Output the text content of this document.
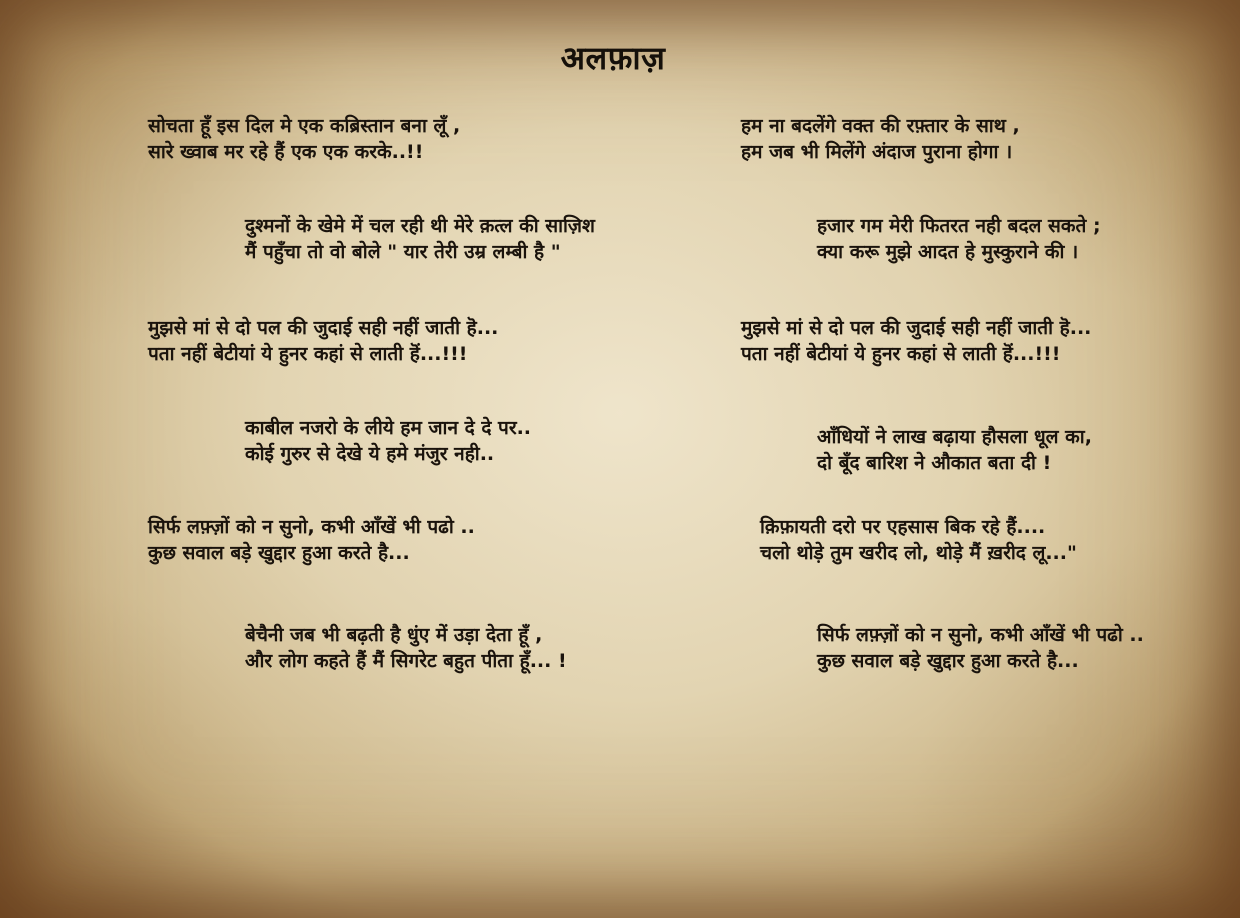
अलफ़ाज़
सोचता हूँ इस दिल मे एक कब्रिस्तान बना लूँ ,
सारे ख्वाब मर रहे हैं एक एक करके..!!
हम ना बदलेंगे वक्त की रफ़्तार के साथ ,
हम जब भी मिलेंगे अंदाज पुराना होगा ।
दुश्मनों के खेमे में चल रही थी मेरे क़त्ल की साज़िश
मैं पहुँचा तो वो बोले " यार तेरी उम्र लम्बी है "
हजार गम मेरी फितरत नही बदल सकते ;
क्या करू मुझे आदत हे मुस्कुराने की ।
मुझसे मां से दो पल की जुदाई सही नहीं जाती हॆ...
पता नहीं बेटीयां ये हुनर कहां से लाती हॆं...!!!
मुझसे मां से दो पल की जुदाई सही नहीं जाती हॆ...
पता नहीं बेटीयां ये हुनर कहां से लाती हॆं...!!!
काबील नजरो के लीये हम जान दे दे पर..
कोई गुरुर से देखे ये हमे मंजुर नही..
आँधियों ने लाख बढ़ाया हौसला धूल का,
दो बूँद बारिश ने औकात बता दी !
सिर्फ लफ़्ज़ों को न सुनो, कभी आँखें भी पढो ..
कुछ सवाल बड़े खुद्दार हुआ करते है...
क़िफ़ायती दरो पर एहसास बिक रहे हैं....
चलो थोड़े तुम खरीद लो, थोड़े मैं ख़रीद लू..."
बेचैनी जब भी बढ़ती है धुंए में उड़ा देता हूँ ,
और लोग कहते हैं मैं सिगरेट बहुत पीता हूँ... !
सिर्फ लफ़्ज़ों को न सुनो, कभी आँखें भी पढो ..
कुछ सवाल बड़े खुद्दार हुआ करते है...
